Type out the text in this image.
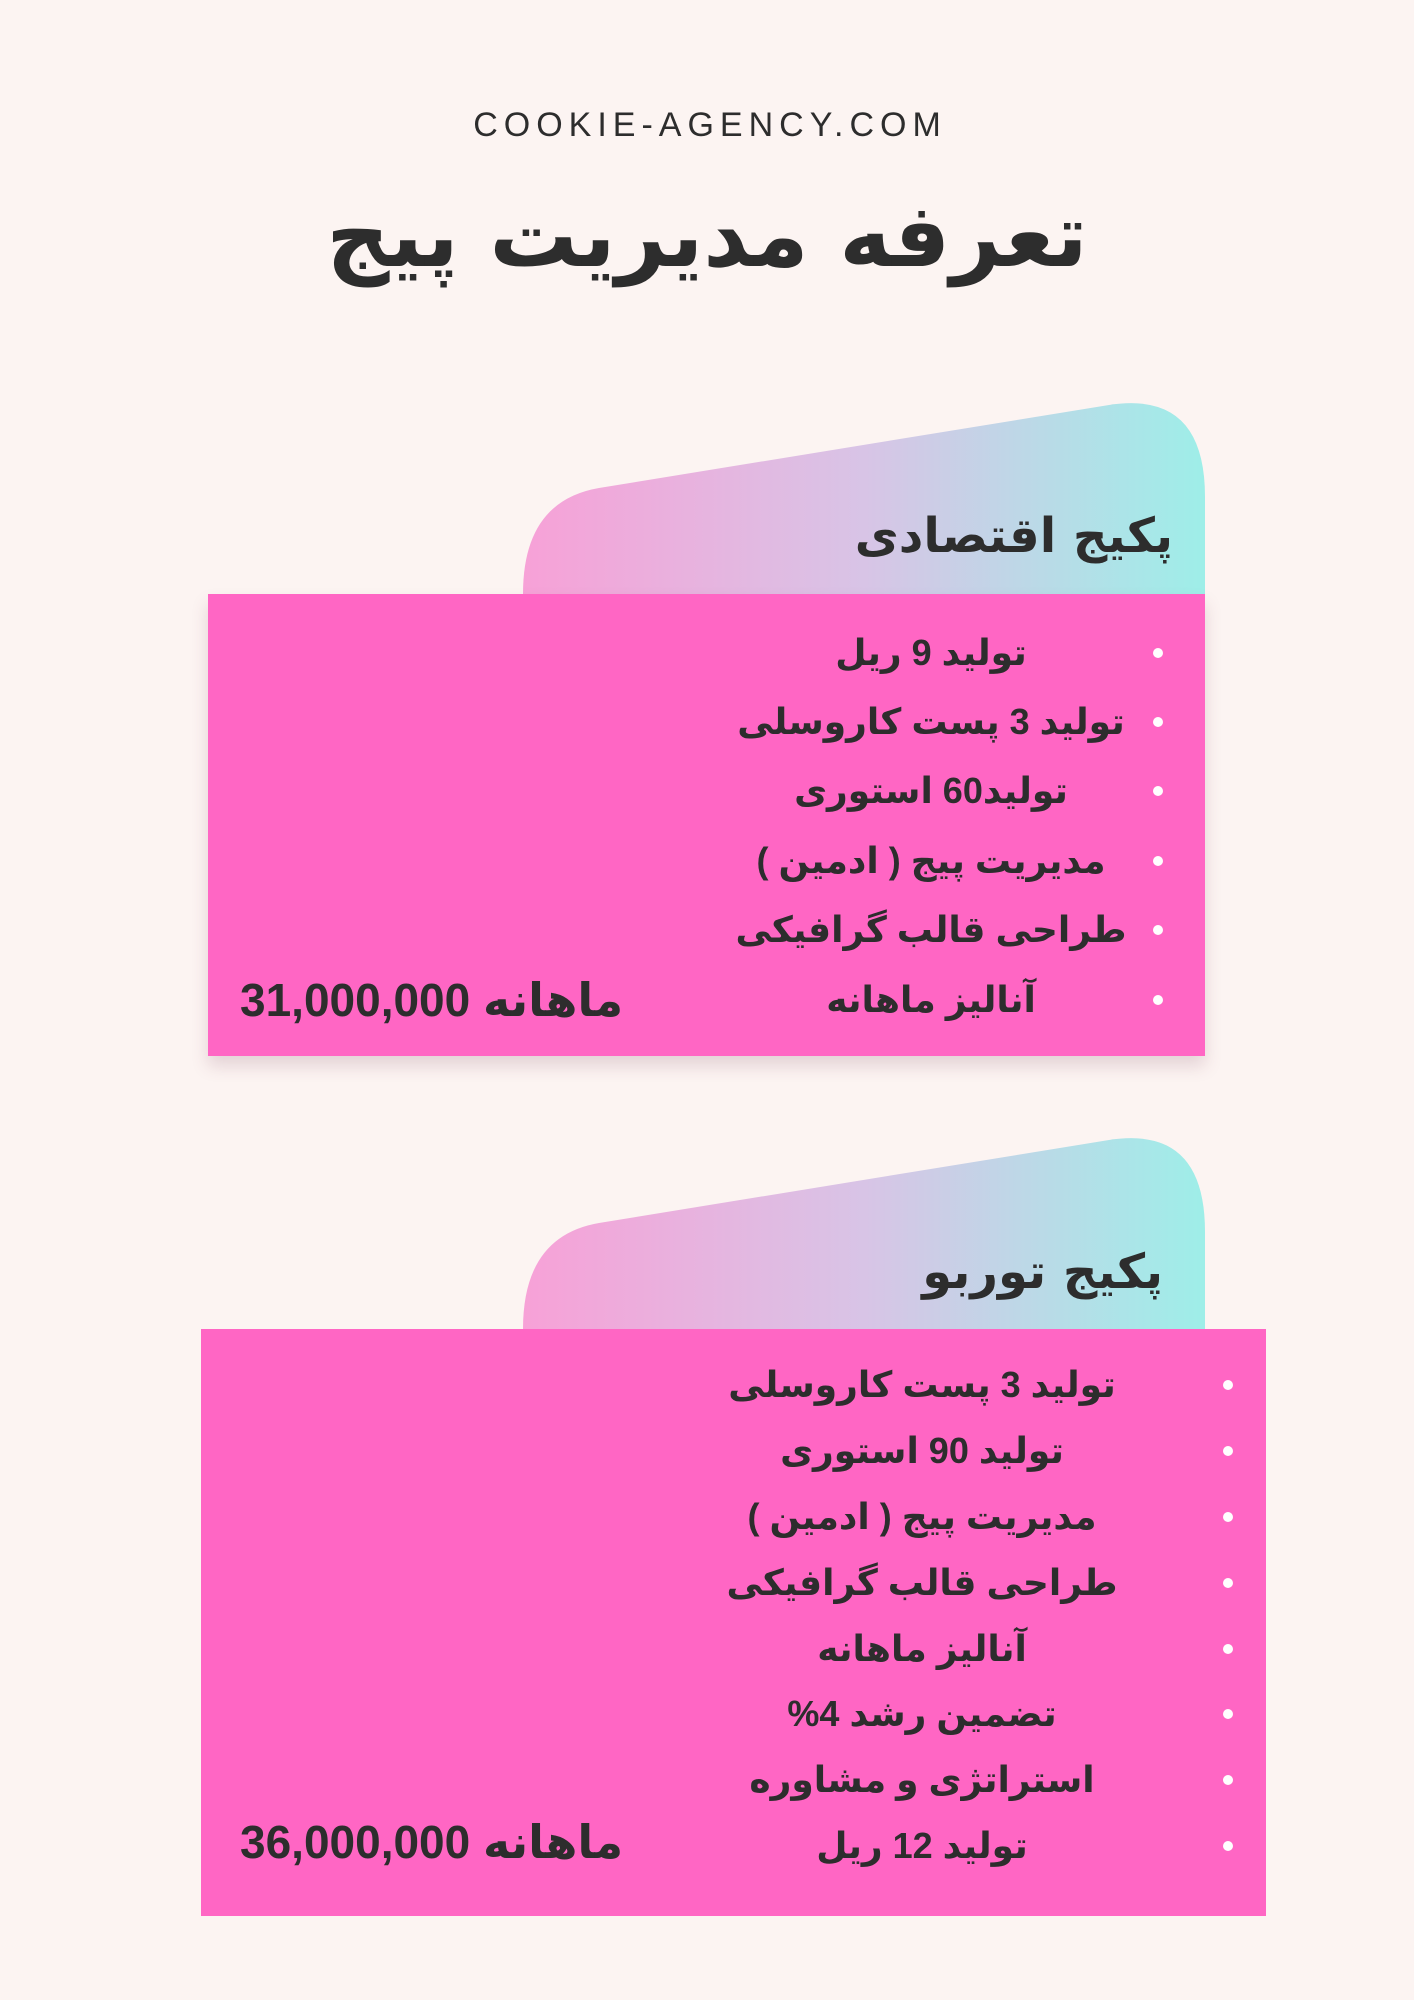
COOKIE-AGENCY.COM
تعرفه مدیریت پیج
پکیج اقتصادی
تولید 9 ریل
تولید 3 پست کاروسلی
تولید60 استوری
مدیریت پیج ( ادمین )
طراحی قالب گرافیکی
آنالیز ماهانه
ماهانه 31,000,000
پکیج توربو
تولید 3 پست کاروسلی
تولید 90 استوری
مدیریت پیج ( ادمین )
طراحی قالب گرافیکی
آنالیز ماهانه
تضمین رشد 4%
استراتژی و مشاوره
تولید 12 ریل
ماهانه 36,000,000
